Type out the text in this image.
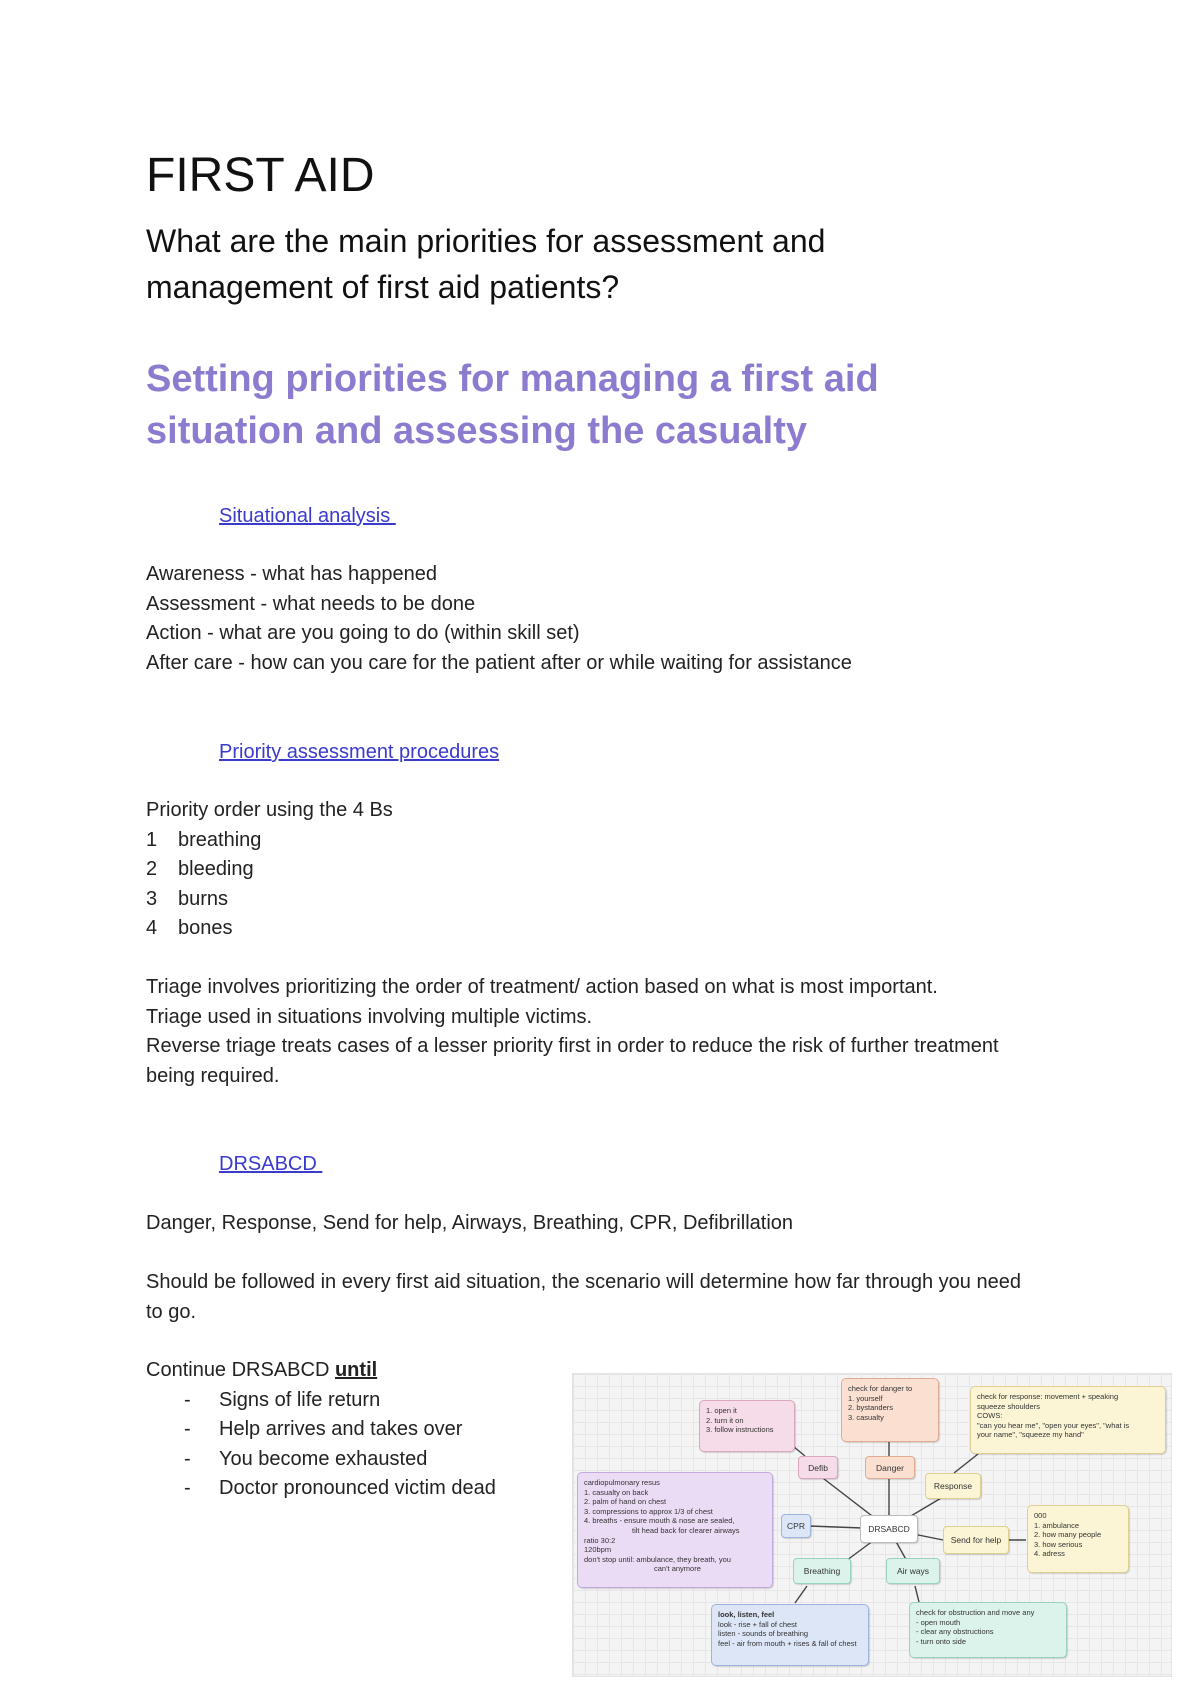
FIRST AID
What are the main priorities for assessment and management of first aid patients?
Setting priorities for managing a first aid situation and assessing the casualty
Situational analysis
Awareness - what has happened
Assessment - what needs to be done
Action - what are you going to do (within skill set)
After care - how can you care for the patient after or while waiting for assistance
Priority assessment procedures
Priority order using the 4 Bs
1 breathing
2 bleeding
3 burns
4 bones
Triage involves prioritizing the order of treatment/ action based on what is most important.
Triage used in situations involving multiple victims.
Reverse triage treats cases of a lesser priority first in order to reduce the risk of further treatment being required.
DRSABCD
Danger, Response, Send for help, Airways, Breathing, CPR, Defibrillation
Should be followed in every first aid situation, the scenario will determine how far through you need to go.
Continue DRSABCD until
- Signs of life return
- Help arrives and takes over
- You become exhausted
- Doctor pronounced victim dead
1. open it
2. turn it on
3. follow instructions
check for danger to
1. yourself
2. bystanders
3. casualty
check for response: movement + speaking
squeeze shoulders
COWS:
"can you hear me", "open your eyes", "what is
your name", "squeeze my hand"
000
1. ambulance
2. how many people
3. how serious
4. adress
cardiopulmonary resus
1. casualty on back
2. palm of hand on chest
3. compressions to approx 1/3 of chest
4. breaths - ensure mouth & nose are sealed,
tilt head back for clearer airways
ratio 30:2
120bpm
don't stop until: ambulance, they breath, you
can't anymore
look, listen, feel
look - rise + fall of chest
listen - sounds of breathing
feel - air from mouth + rises & fall of chest
check for obstruction and move any
- open mouth
- clear any obstructions
- turn onto side
Defib	Danger
Response
DRSABCD
Send for help
CPR
Breathing	Air ways
